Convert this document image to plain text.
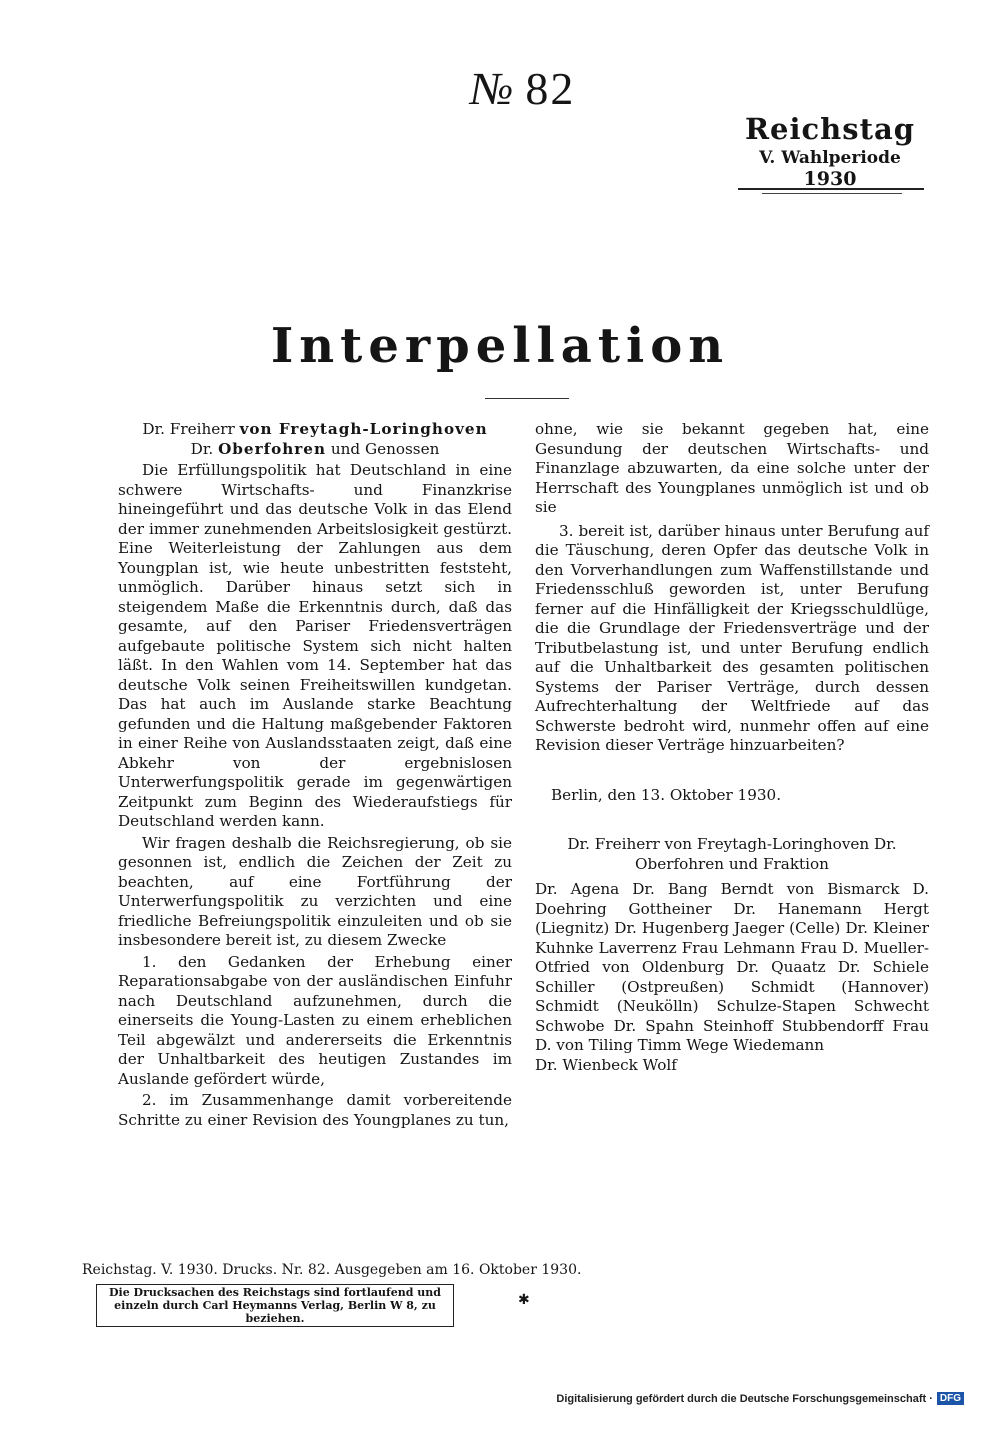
№ 82
Reichstag
V. Wahlperiode
1930
Interpellation

Dr. Freiherr von Freytagh-Loringhoven

Dr. Oberfohren und Genossen

Die Erfüllungspolitik hat Deutschland in eine schwere Wirtschafts- und Finanzkrise hineingeführt und das deutsche Volk in das Elend der immer zunehmenden Arbeitslosigkeit gestürzt. Eine Weiterleistung der Zahlungen aus dem Youngplan ist, wie heute unbestritten feststeht, unmöglich. Darüber hinaus setzt sich in steigendem Maße die Erkenntnis durch, daß das gesamte, auf den Pariser Friedensverträgen aufgebaute politische System sich nicht halten läßt. In den Wahlen vom 14. September hat das deutsche Volk seinen Freiheitswillen kundgetan. Das hat auch im Auslande starke Beachtung gefunden und die Haltung maßgebender Faktoren in einer Reihe von Auslandsstaaten zeigt, daß eine Abkehr von der ergebnislosen Unterwerfungspolitik gerade im gegenwärtigen Zeitpunkt zum Beginn des Wiederaufstiegs für Deutschland werden kann.

Wir fragen deshalb die Reichsregierung, ob sie gesonnen ist, endlich die Zeichen der Zeit zu beachten, auf eine Fortführung der Unterwerfungspolitik zu verzichten und eine friedliche Befreiungspolitik einzuleiten und ob sie insbesondere bereit ist, zu diesem Zwecke

1. den Gedanken der Erhebung einer Reparationsabgabe von der ausländischen Einfuhr nach Deutschland aufzunehmen, durch die einerseits die Young-Lasten zu einem erheblichen Teil abgewälzt und andererseits die Erkenntnis der Unhaltbarkeit des heutigen Zustandes im Auslande gefördert würde,

2. im Zusammenhange damit vorbereitende Schritte zu einer Revision des Youngplanes zu tun,

ohne, wie sie bekannt gegeben hat, eine Gesundung der deutschen Wirtschafts- und Finanzlage abzuwarten, da eine solche unter der Herrschaft des Youngplanes unmöglich ist und ob sie

3. bereit ist, darüber hinaus unter Berufung auf die Täuschung, deren Opfer das deutsche Volk in den Vorverhandlungen zum Waffenstillstande und Friedensschluß geworden ist, unter Berufung ferner auf die Hinfälligkeit der Kriegsschuldlüge, die die Grundlage der Friedensverträge und der Tributbelastung ist, und unter Berufung endlich auf die Unhaltbarkeit des gesamten politischen Systems der Pariser Verträge, durch dessen Aufrechterhaltung der Weltfriede auf das Schwerste bedroht wird, nunmehr offen auf eine Revision dieser Verträge hinzuarbeiten?

Berlin, den 13. Oktober 1930.

Dr. Freiherr von Freytagh-Loringhoven Dr. Oberfohren und Fraktion

Dr. Agena Dr. Bang Berndt von Bismarck D. Doehring Gottheiner Dr. Hanemann Hergt (Liegnitz) Dr. Hugenberg Jaeger (Celle) Dr. Kleiner Kuhnke Laverrenz Frau Lehmann Frau D. Mueller-Otfried von Oldenburg Dr. Quaatz Dr. Schiele Schiller (Ostpreußen) Schmidt (Hannover) Schmidt (Neukölln) Schulze-Stapen Schwecht Schwobe Dr. Spahn Steinhoff Stubbendorff Frau D. von Tiling Timm Wege Wiedemann

Dr. Wienbeck Wolf

Reichstag. V. 1930. Drucks. Nr. 82. Ausgegeben am 16. Oktober 1930.
Die Drucksachen des Reichstags sind fortlaufend und einzeln durch Carl Heymanns Verlag, Berlin W 8, zu beziehen.
✱
Digitalisierung gefördert durch die Deutsche Forschungsgemeinschaft · DFG
